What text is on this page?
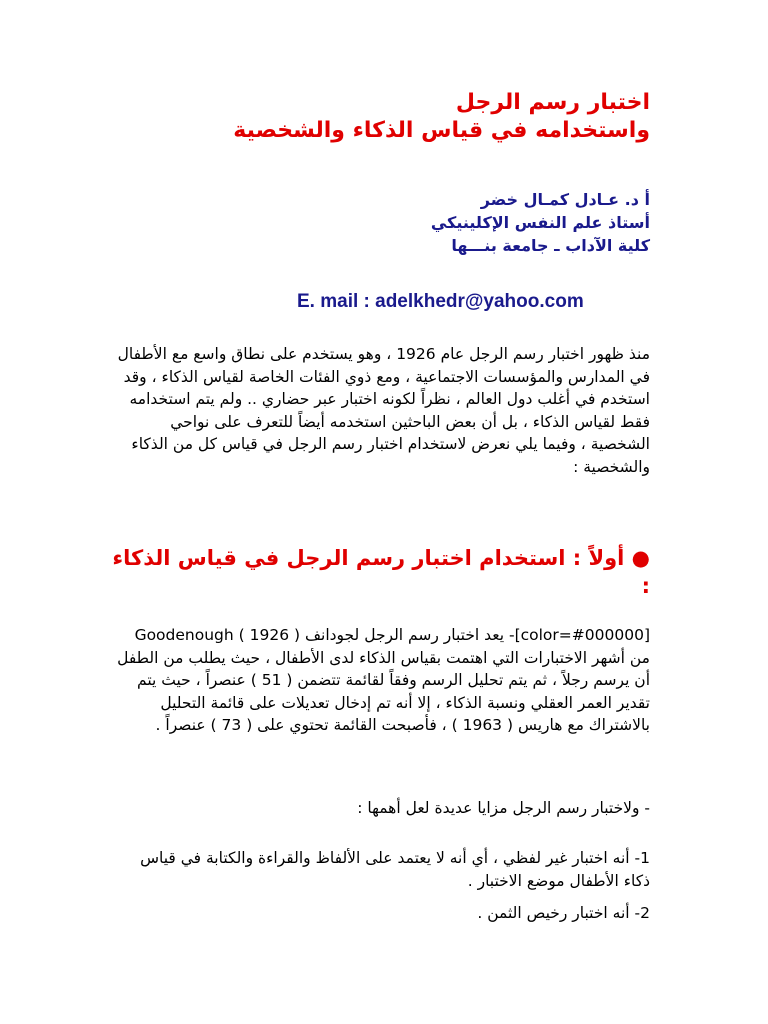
اختبار رسم الرجل
واستخدامه في قياس الذكاء والشخصية
أ د. عـادل كمـال خضر
أستاذ علم النفس الإكلينيكي
كلية الآداب ـ جامعة بنـــها
E. mail : adelkhedr@yahoo.com
منذ ظهور اختبار رسم الرجل عام 1926 ، وهو يستخدم على نطاق واسع مع الأطفال في المدارس والمؤسسات الاجتماعية ، ومع ذوي الفئات الخاصة لقياس الذكاء ، وقد استخدم في أغلب دول العالم ، نظراً لكونه اختبار عبر حضاري .. ولم يتم استخدامه فقط لقياس الذكاء ، بل أن بعض الباحثين استخدمه أيضاً للتعرف على نواحي الشخصية ، وفيما يلي نعرض لاستخدام اختبار رسم الرجل في قياس كل من الذكاء والشخصية :
● أولاً : استخدام اختبار رسم الرجل في قياس الذكاء :
[color=#000000]- يعد اختبار رسم الرجل لجودانف ( 1926 ) Goodenough من أشهر الاختبارات التي اهتمت بقياس الذكاء لدى الأطفال ، حيث يطلب من الطفل أن يرسم رجلاً ، ثم يتم تحليل الرسم وفقاً لقائمة تتضمن ( 51 ) عنصراً ، حيث يتم تقدير العمر العقلي ونسبة الذكاء ، إلا أنه تم إدخال تعديلات على قائمة التحليل بالاشتراك مع هاريس ( 1963 ) ، فأصبحت القائمة تحتوي على ( 73 ) عنصراً .
- ولاختبار رسم الرجل مزايا عديدة لعل أهمها :
1- أنه اختبار غير لفظي ، أي أنه لا يعتمد على الألفاظ والقراءة والكتابة في قياس ذكاء الأطفال موضع الاختبار .
2- أنه اختبار رخيص الثمن .
